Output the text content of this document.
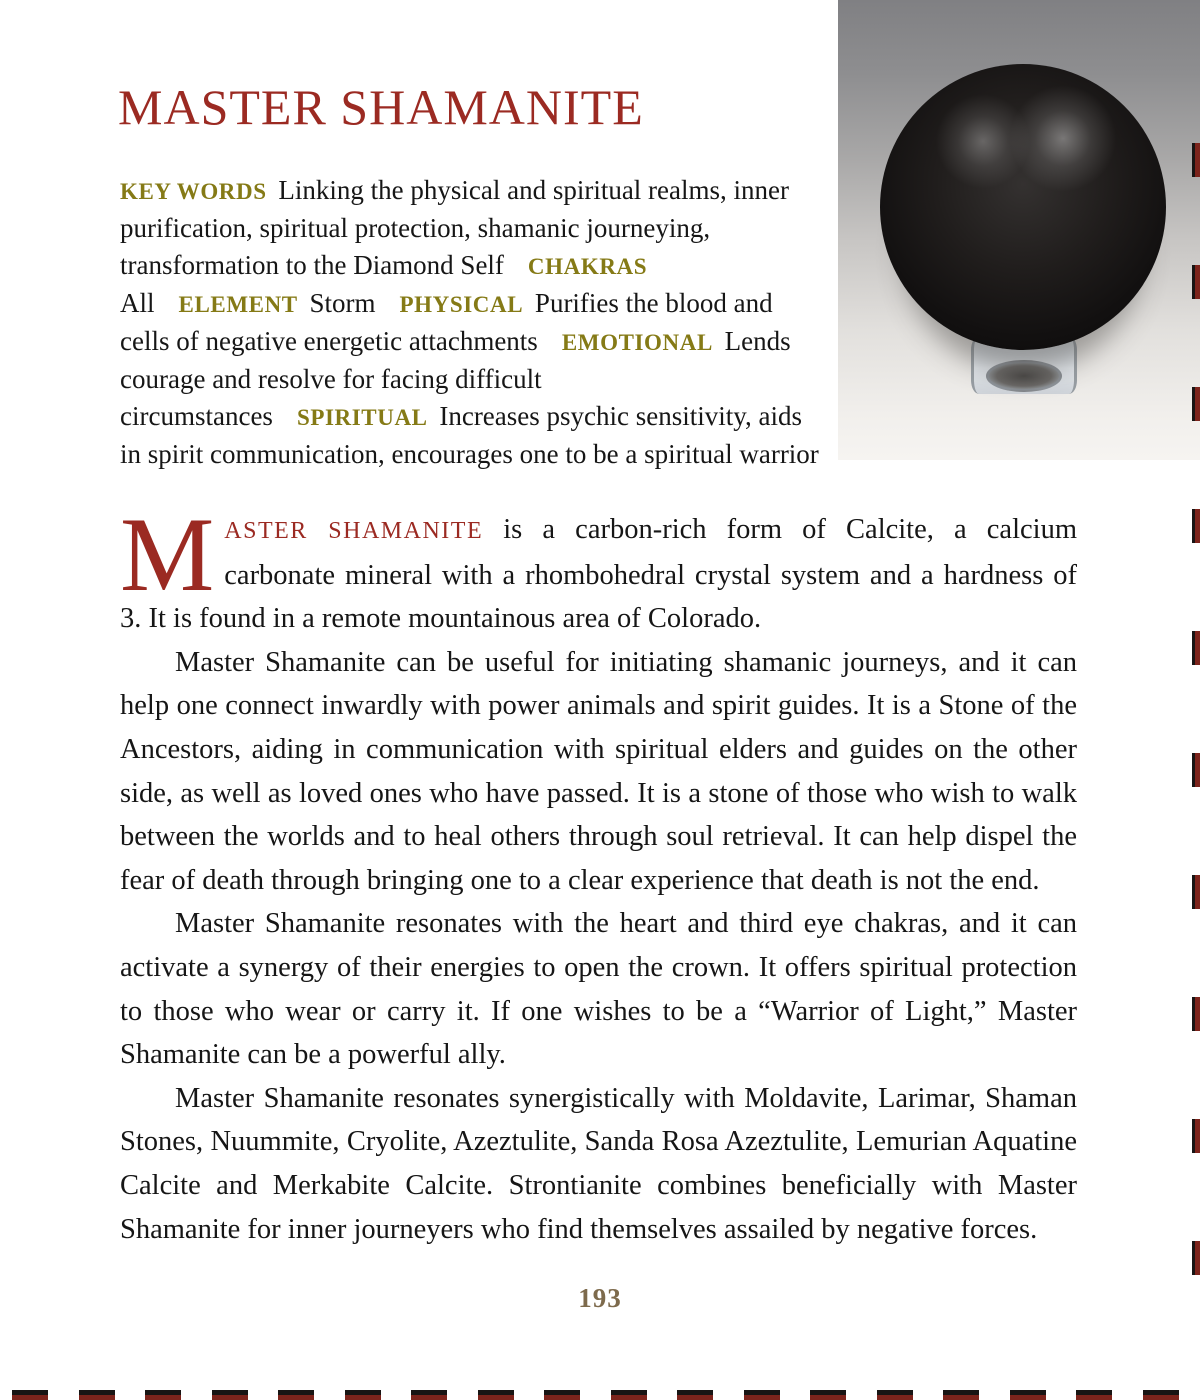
MASTER SHAMANITE

KEY WORDS Linking the physical and spiritual realms, inner purification, spiritual protection, shamanic journeying, transformation to the Diamond Self CHAKRAS All ELEMENT Storm PHYSICAL Purifies the blood and cells of negative energetic attachments EMOTIONAL Lends courage and resolve for facing difficult circumstances SPIRITUAL Increases psychic sensitivity, aids in spirit communication, encourages one to be a spiritual warrior

M ASTER SHAMANITE is a carbon-rich form of Calcite, a calcium carbonate mineral with a rhombohedral crystal system and a hardness of 3. It is found in a remote mountainous area of Colorado.

Master Shamanite can be useful for initiating shamanic journeys, and it can help one connect inwardly with power animals and spirit guides. It is a Stone of the Ancestors, aiding in communication with spiritual elders and guides on the other side, as well as loved ones who have passed. It is a stone of those who wish to walk between the worlds and to heal others through soul retrieval. It can help dispel the fear of death through bringing one to a clear experience that death is not the end.

Master Shamanite resonates with the heart and third eye chakras, and it can activate a synergy of their energies to open the crown. It offers spiritual protection to those who wear or carry it. If one wishes to be a “Warrior of Light,” Master Shamanite can be a powerful ally.

Master Shamanite resonates synergistically with Moldavite, Larimar, Shaman Stones, Nuummite, Cryolite, Azeztulite, Sanda Rosa Azeztulite, Lemurian Aquatine Calcite and Merkabite Calcite. Strontianite combines beneficially with Master Shamanite for inner journeyers who find themselves assailed by negative forces.

193
